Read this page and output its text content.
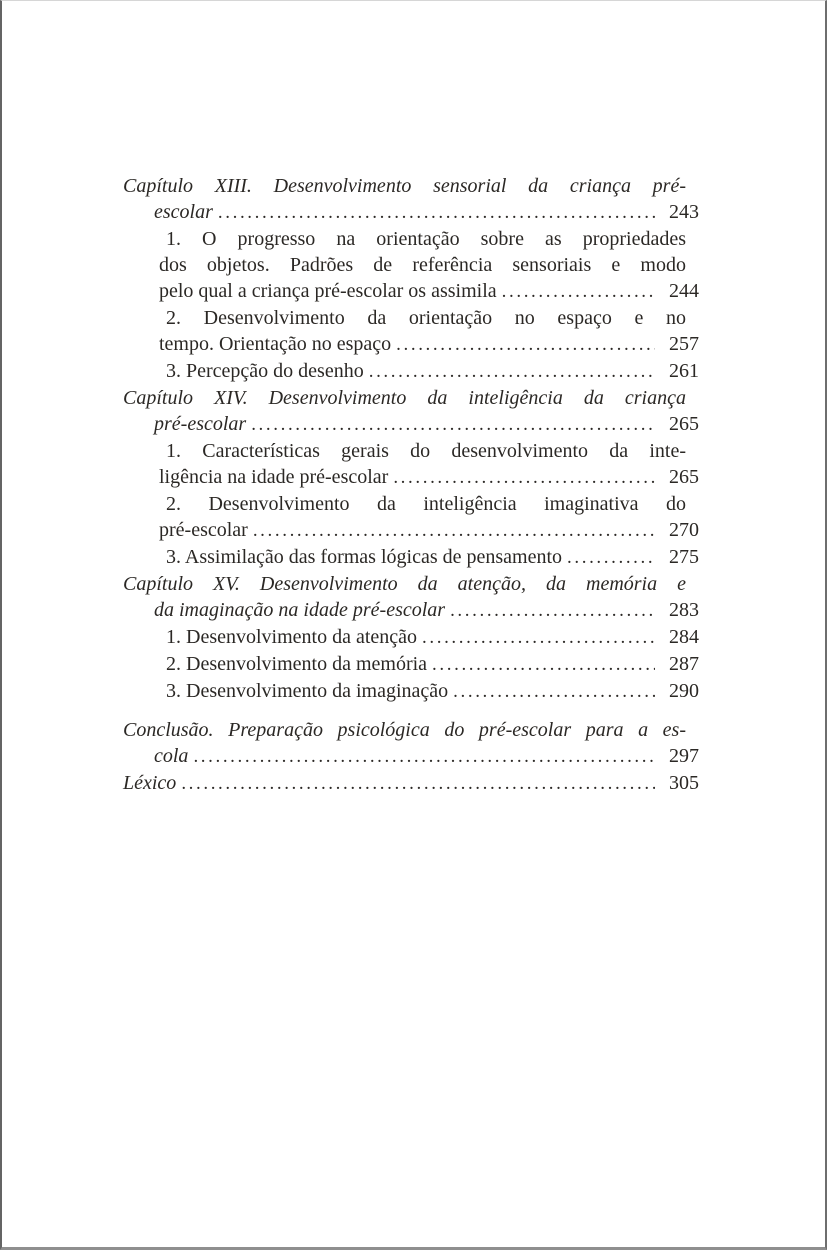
Capítulo XIII. Desenvolvimento sensorial da criança pré-
escolar .....	243
1. O progresso na orientação sobre as propriedades
dos objetos. Padrões de referência sensoriais e modo
pelo qual a criança pré-escolar os assimila .....	244
2. Desenvolvimento da orientação no espaço e no
tempo. Orientação no espaço .....	257
3. Percepção do desenho .....	261
Capítulo XIV. Desenvolvimento da inteligência da criança
pré-escolar .....	265
1. Características gerais do desenvolvimento da inte-
ligência na idade pré-escolar .....	265
2. Desenvolvimento da inteligência imaginativa do
pré-escolar .....	270
3. Assimilação das formas lógicas de pensamento .....	275
Capítulo XV. Desenvolvimento da atenção, da memória e
da imaginação na idade pré-escolar .....	283
1. Desenvolvimento da atenção .....	284
2. Desenvolvimento da memória .....	287
3. Desenvolvimento da imaginação .....	290
Conclusão. Preparação psicológica do pré-escolar para a es-
cola .....	297
Léxico .....	305
